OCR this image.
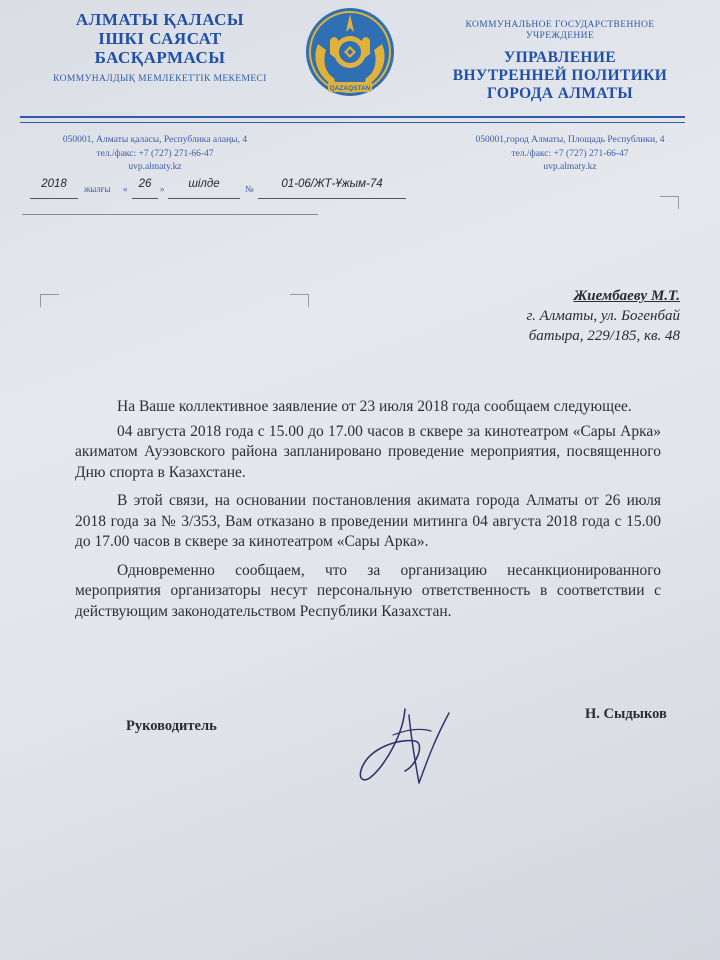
АЛМАТЫ ҚАЛАСЫ
ІШКІ САЯСАТ
БАСҚАРМАСЫ
КОММУНАЛДЫҚ МЕМЛЕКЕТТІК МЕКЕМЕСІ
QAZAQSTAN
КОММУНАЛЬНОЕ ГОСУДАРСТВЕННОЕ УЧРЕЖДЕНИЕ
УПРАВЛЕНИЕ
ВНУТРЕННЕЙ ПОЛИТИКИ
ГОРОДА АЛМАТЫ
050001, Алматы қаласы, Республика алаңы, 4
тел./факс: +7 (727) 271-66-47
uvp.almaty.kz
050001,город Алматы, Площадь Республики, 4
тел./факс: +7 (727) 271-66-47
uvp.almaty.kz
2018	жылғы « 26 »	шілде	№	01-06/ЖТ-Ұжым-74
Жиембаеву М.Т.
г. Алматы, ул. Богенбай
батыра, 229/185, кв. 48

На Ваше коллективное заявление от 23 июля 2018 года сообщаем следующее.

04 августа 2018 года с 15.00 до 17.00 часов в сквере за кинотеатром «Сары Арка» акиматом Ауэзовского района запланировано проведение мероприятия, посвященного Дню спорта в Казахстане.

В этой связи, на основании постановления акимата города Алматы от 26 июля 2018 года за № 3/353, Вам отказано в проведении митинга 04 августа 2018 года с 15.00 до 17.00 часов в сквере за кинотеатром «Сары Арка».

Одновременно сообщаем, что за организацию несанкционированного мероприятия организаторы несут персональную ответственность в соответствии с действующим законодательством Республики Казахстан.

Руководитель
Н. Сыдыков
